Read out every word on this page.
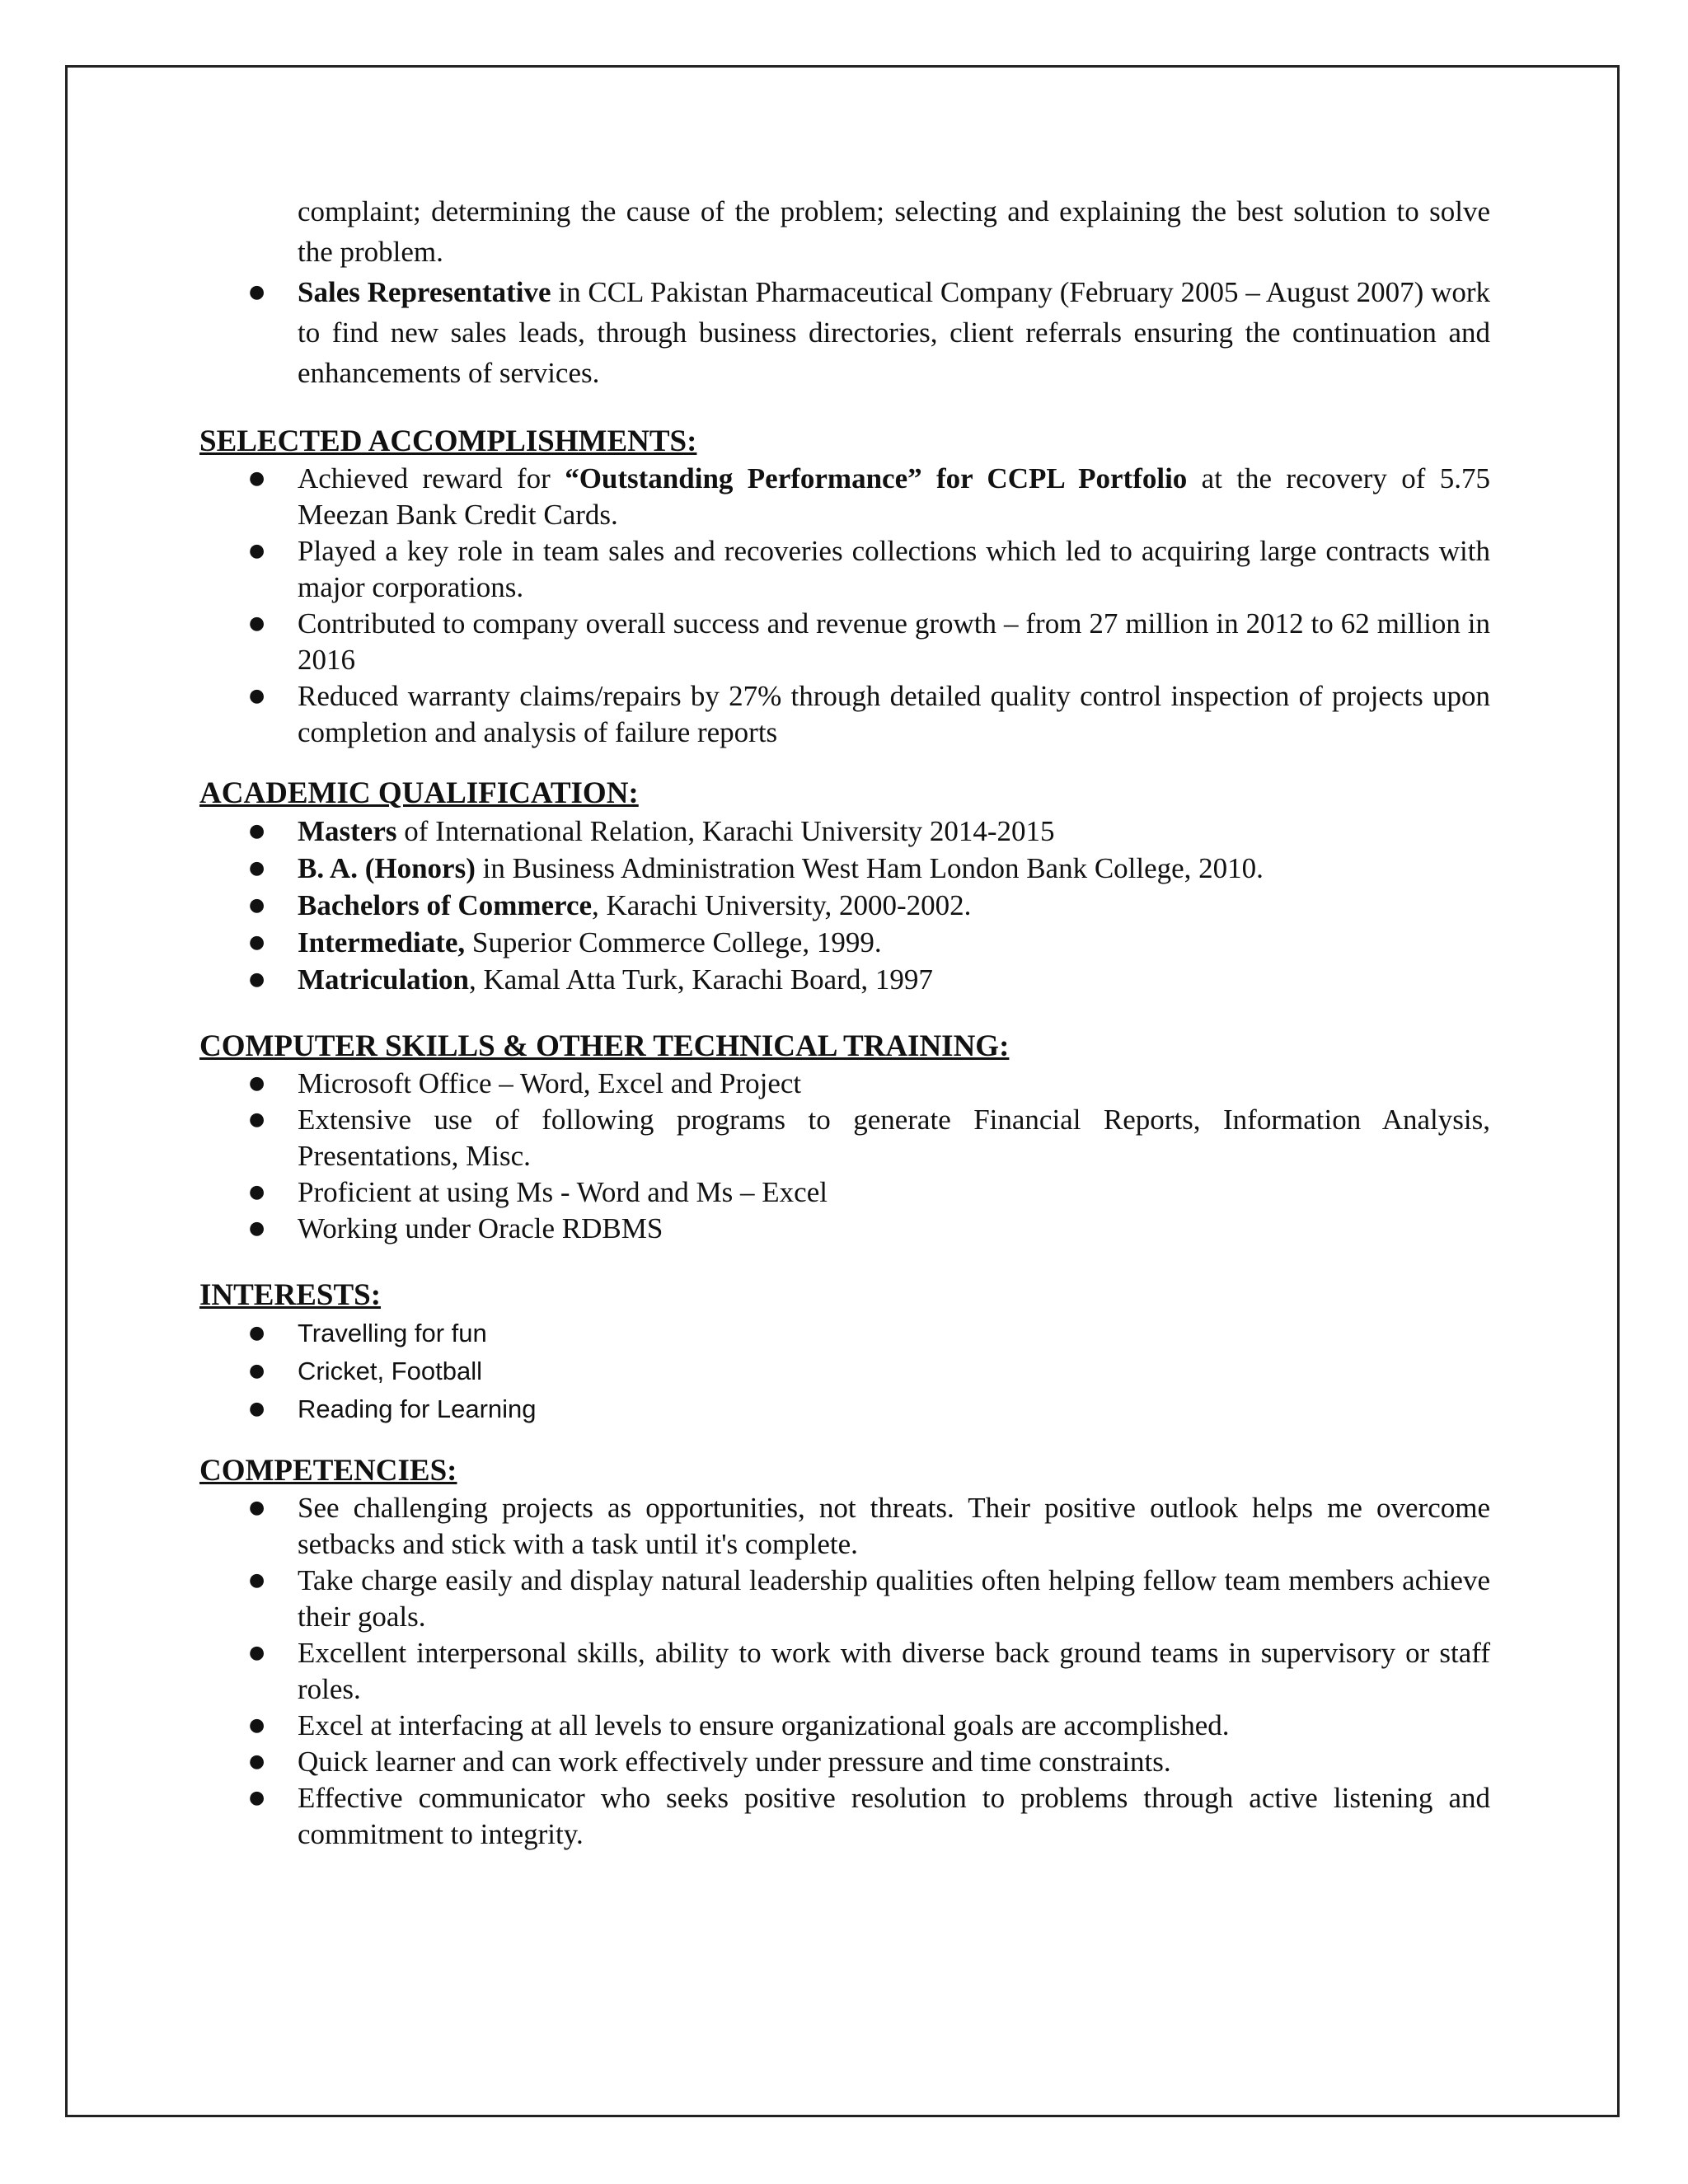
complaint; determining the cause of the problem; selecting and explaining the best solution to solve the problem.
● Sales Representative in CCL Pakistan Pharmaceutical Company (February 2005 – August 2007) work to find new sales leads, through business directories, client referrals ensuring the continuation and enhancements of services.
SELECTED ACCOMPLISHMENTS:
● Achieved reward for “Outstanding Performance” for CCPL Portfolio at the recovery of 5.75 Meezan Bank Credit Cards.
● Played a key role in team sales and recoveries collections which led to acquiring large contracts with major corporations.
● Contributed to company overall success and revenue growth – from 27 million in 2012 to 62 million in 2016
● Reduced warranty claims/repairs by 27% through detailed quality control inspection of projects upon completion and analysis of failure reports
ACADEMIC QUALIFICATION:
● Masters of International Relation, Karachi University 2014-2015
● B. A. (Honors) in Business Administration West Ham London Bank College, 2010.
● Bachelors of Commerce, Karachi University, 2000-2002.
● Intermediate, Superior Commerce College, 1999.
● Matriculation, Kamal Atta Turk, Karachi Board, 1997
COMPUTER SKILLS & OTHER TECHNICAL TRAINING:
● Microsoft Office – Word, Excel and Project
● Extensive use of following programs to generate Financial Reports, Information Analysis, Presentations, Misc.
● Proficient at using Ms - Word and Ms – Excel
● Working under Oracle RDBMS
INTERESTS:
● Travelling for fun
● Cricket, Football
● Reading for Learning
COMPETENCIES:
● See challenging projects as opportunities, not threats. Their positive outlook helps me overcome setbacks and stick with a task until it's complete.
● Take charge easily and display natural leadership qualities often helping fellow team members achieve their goals.
● Excellent interpersonal skills, ability to work with diverse back ground teams in supervisory or staff roles.
● Excel at interfacing at all levels to ensure organizational goals are accomplished.
● Quick learner and can work effectively under pressure and time constraints.
● Effective communicator who seeks positive resolution to problems through active listening and commitment to integrity.
